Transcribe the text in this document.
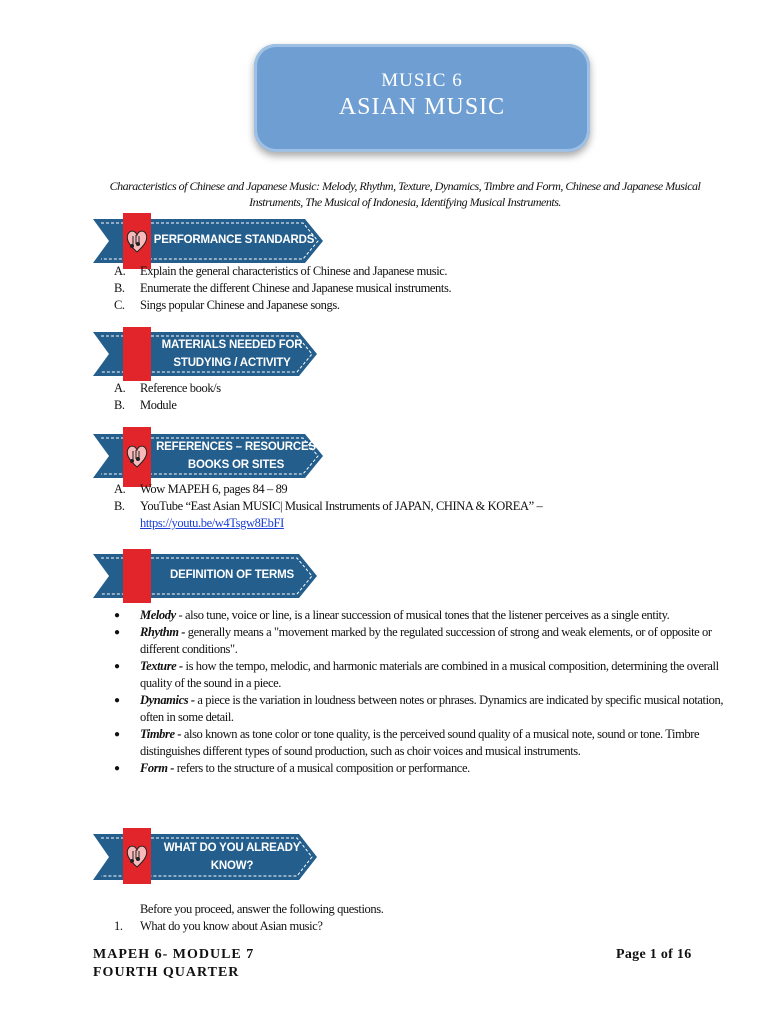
MUSIC 6
ASIAN MUSIC
Characteristics of Chinese and Japanese Music: Melody, Rhythm, Texture, Dynamics, Timbre and Form, Chinese and Japanese Musical Instruments, The Musical of Indonesia, Identifying Musical Instruments.
PERFORMANCE STANDARDS
A.	Explain the general characteristics of Chinese and Japanese music.
B.	Enumerate the different Chinese and Japanese musical instruments.
C.	Sings popular Chinese and Japanese songs.
MATERIALS NEEDED FOR
STUDYING / ACTIVITY
A.	Reference book/s
B.	Module
REFERENCES – RESOURCES
BOOKS OR SITES
A.	Wow MAPEH 6, pages 84 – 89
B.	YouTube “East Asian MUSIC| Musical Instruments of JAPAN, CHINA & KOREA” –
https://youtu.be/w4Tsgw8EbFI
DEFINITION OF TERMS
●	Melody - also tune, voice or line, is a linear succession of musical tones that the listener perceives as a single entity.
●	Rhythm - generally means a "movement marked by the regulated succession of strong and weak elements, or of opposite or different conditions".
●	Texture - is how the tempo, melodic, and harmonic materials are combined in a musical composition, determining the overall quality of the sound in a piece.
●	Dynamics - a piece is the variation in loudness between notes or phrases. Dynamics are indicated by specific musical notation, often in some detail.
●	Timbre - also known as tone color or tone quality, is the perceived sound quality of a musical note, sound or tone. Timbre distinguishes different types of sound production, such as choir voices and musical instruments.
●	Form - refers to the structure of a musical composition or performance.
WHAT DO YOU ALREADY
KNOW?
Before you proceed, answer the following questions.
1.	What do you know about Asian music?
MAPEH 6- MODULE 7
FOURTH QUARTER
Page 1 of 16
